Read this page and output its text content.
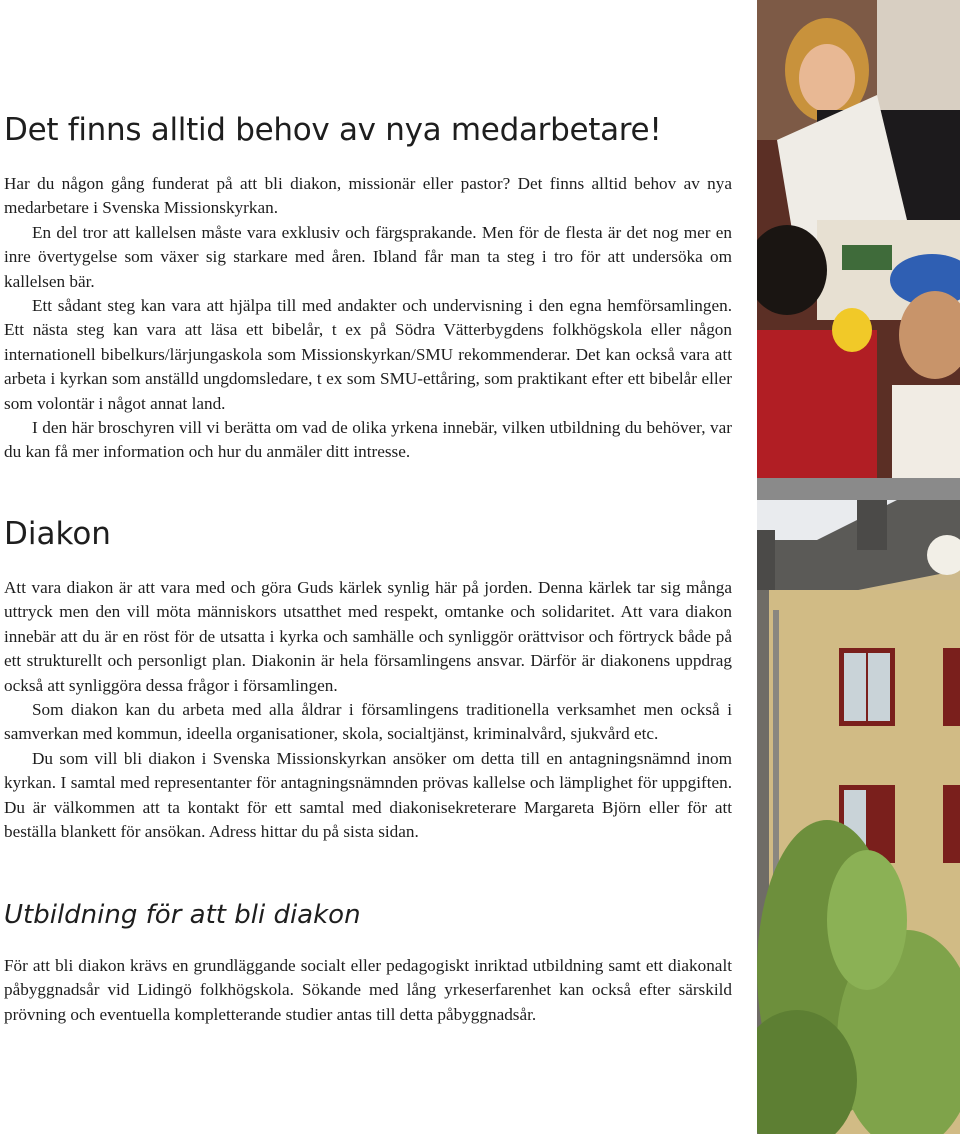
Det finns alltid behov av nya medarbetare!

Har du någon gång funderat på att bli diakon, missionär eller pastor? Det finns alltid behov av nya medarbetare i Svenska Missionskyrkan.

En del tror att kallelsen måste vara exklusiv och färgsprakande. Men för de flesta är det nog mer en inre övertygelse som växer sig starkare med åren. Ibland får man ta steg i tro för att undersöka om kallelsen bär.

Ett sådant steg kan vara att hjälpa till med andakter och undervisning i den egna hemförsamlingen. Ett nästa steg kan vara att läsa ett bibelår, t ex på Södra Vätterbygdens folkhögskola eller någon internationell bibelkurs/lärjungaskola som Missionskyrkan/SMU rekommenderar. Det kan också vara att arbeta i kyrkan som anställd ungdomsledare, t ex som SMU-ettåring, som praktikant efter ett bibelår eller som volontär i något annat land.

I den här broschyren vill vi berätta om vad de olika yrkena innebär, vilken utbildning du behöver, var du kan få mer information och hur du anmäler ditt intresse.

Diakon

Att vara diakon är att vara med och göra Guds kärlek synlig här på jorden. Denna kärlek tar sig många uttryck men den vill möta människors utsatthet med respekt, omtanke och solidaritet. Att vara diakon innebär att du är en röst för de utsatta i kyrka och samhälle och synliggör orättvisor och förtryck både på ett strukturellt och personligt plan. Diakonin är hela församlingens ansvar. Därför är diakonens uppdrag också att synliggöra dessa frågor i församlingen.

Som diakon kan du arbeta med alla åldrar i församlingens traditionella verksamhet men också i samverkan med kommun, ideella organisationer, skola, socialtjänst, kriminalvård, sjukvård etc.

Du som vill bli diakon i Svenska Missionskyrkan ansöker om detta till en antagningsnämnd inom kyrkan. I samtal med representanter för antagningsnämnden prövas kallelse och lämplighet för uppgiften. Du är välkommen att ta kontakt för ett samtal med diakonisekreterare Margareta Björn eller för att beställa blankett för ansökan. Adress hittar du på sista sidan.

Utbildning för att bli diakon

För att bli diakon krävs en grundläggande socialt eller pedagogiskt inriktad utbildning samt ett diakonalt påbyggnadsår vid Lidingö folkhögskola. Sökande med lång yrkeserfarenhet kan också efter särskild prövning och eventuella kompletterande studier antas till detta påbyggnadsår.
